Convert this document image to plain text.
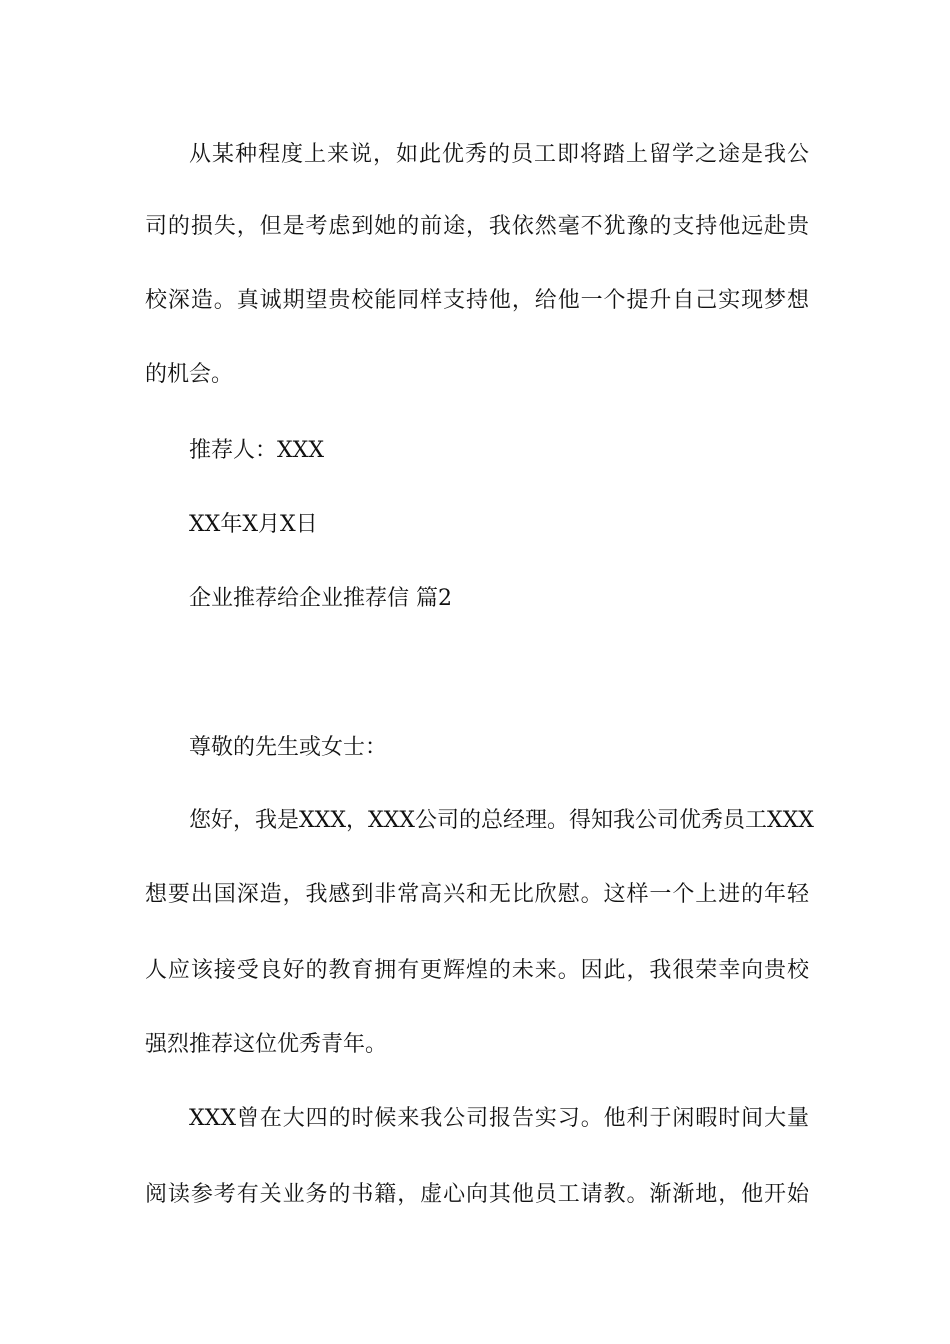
从某种程度上来说，如此优秀的员工即将踏上留学之途是我公
司的损失，但是考虑到她的前途，我依然毫不犹豫的支持他远赴贵
校深造。真诚期望贵校能同样支持他，给他一个提升自己实现梦想
的机会。
推荐人：XXX
XX年X月X日
企业推荐给企业推荐信 篇2
尊敬的先生或女士：
您好，我是XXX，XXX公司的总经理。得知我公司优秀员工XXX
想要出国深造，我感到非常高兴和无比欣慰。这样一个上进的年轻
人应该接受良好的教育拥有更辉煌的未来。因此，我很荣幸向贵校
强烈推荐这位优秀青年。
XXX曾在大四的时候来我公司报告实习。他利于闲暇时间大量
阅读参考有关业务的书籍，虚心向其他员工请教。渐渐地，他开始
